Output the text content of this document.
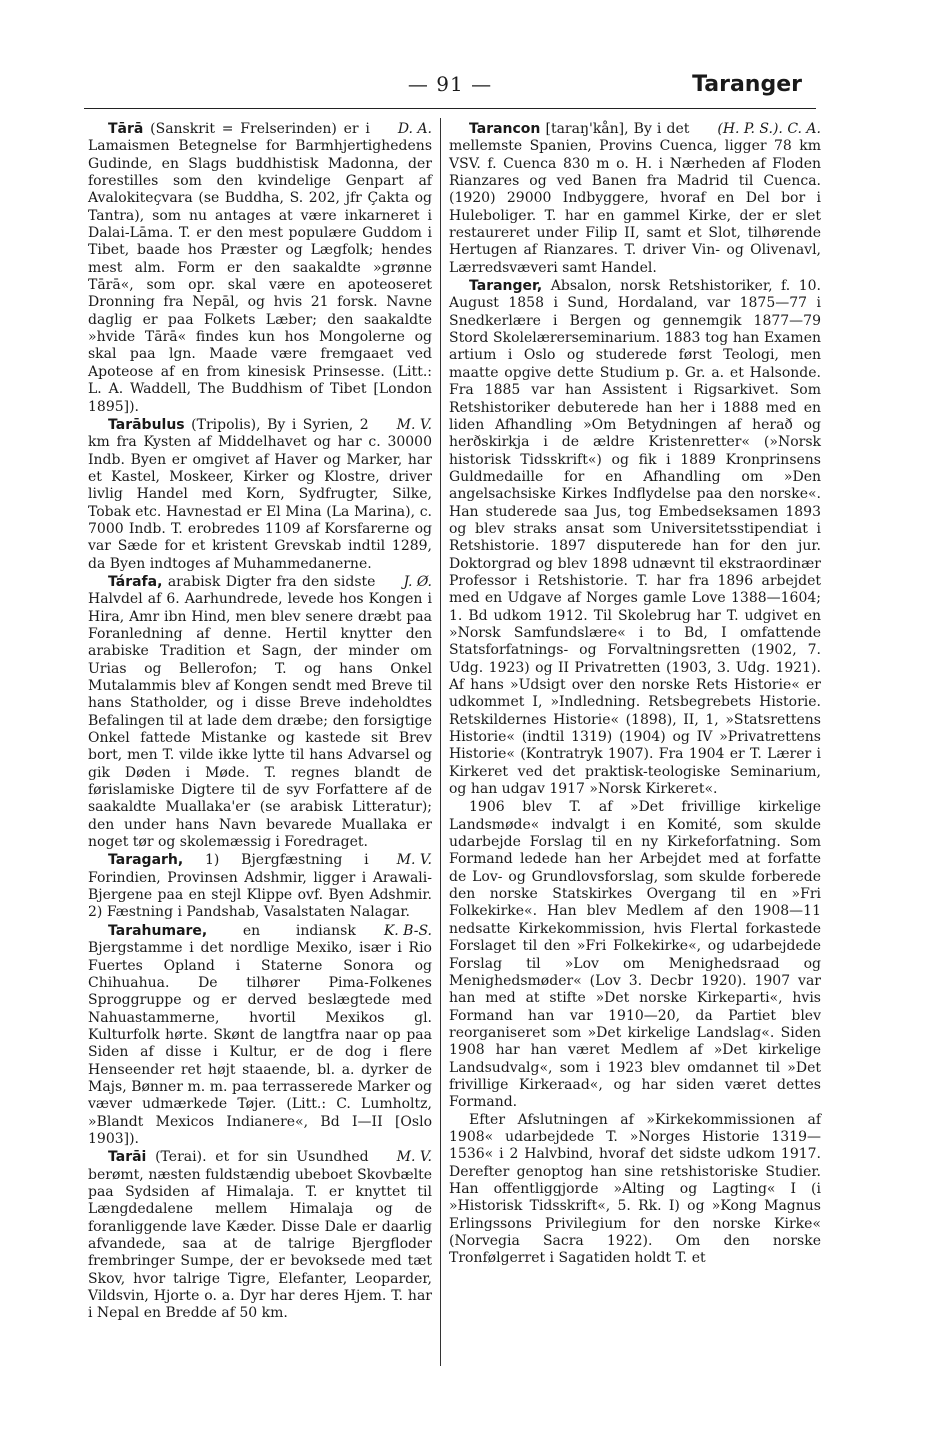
— 91 —	Taranger

D. A.
Tārā (Sanskrit = Frelserinden) er i Lamaismen Betegnelse for Barmhjertighedens Gudinde, en Slags buddhistisk Madonna, der forestilles som den kvindelige Genpart af Avalokiteçvara (se Buddha, S. 202, jfr Çakta og Tantra), som nu antages at være inkarneret i Dalai-Lāma. T. er den mest populære Guddom i Tibet, baade hos Præster og Lægfolk; hendes mest alm. Form er den saakaldte »grønne Tārā«, som opr. skal være en apoteoseret Dronning fra Nepāl, og hvis 21 forsk. Navne daglig er paa Folkets Læber; den saakaldte »hvide Tārā« findes kun hos Mongolerne og skal paa lgn. Maade være fremgaaet ved Apoteose af en from kinesisk Prinsesse. (Litt.: L. A. Waddell, The Buddhism of Tibet [London 1895]).

M. V.
Tarābulus (Tripolis), By i Syrien, 2 km fra Kysten af Middelhavet og har c. 30000 Indb. Byen er omgivet af Haver og Marker, har et Kastel, Moskeer, Kirker og Klostre, driver livlig Handel med Korn, Sydfrugter, Silke, Tobak etc. Havnestad er El Mina (La Marina), c. 7000 Indb. T. erobredes 1109 af Korsfarerne og var Sæde for et kristent Grevskab indtil 1289, da Byen indtoges af Muhammedanerne.

J. Ø.
Tárafa, arabisk Digter fra den sidste Halvdel af 6. Aarhundrede, levede hos Kongen i Hira, Amr ibn Hind, men blev senere dræbt paa Foranledning af denne. Hertil knytter den arabiske Tradition et Sagn, der minder om Urias og Bellerofon; T. og hans Onkel Mutalammis blev af Kongen sendt med Breve til hans Statholder, og i disse Breve indeholdtes Befalingen til at lade dem dræbe; den forsigtige Onkel fattede Mistanke og kastede sit Brev bort, men T. vilde ikke lytte til hans Advarsel og gik Døden i Møde. T. regnes blandt de førislamiske Digtere til de syv Forfattere af de saakaldte Muallaka'er (se arabisk Litteratur); den under hans Navn bevarede Muallaka er noget tør og skolemæssig i Foredraget.

M. V.
Taragarh, 1) Bjergfæstning i Forindien, Provinsen Adshmir, ligger i Arawali-Bjergene paa en stejl Klippe ovf. Byen Adshmir. 2) Fæstning i Pandshab, Vasalstaten Nalagar.

K. B-S.
Tarahumare,	en indiansk Bjergstamme i det nordlige Mexiko, især i Rio Fuertes Opland i Staterne Sonora og Chihuahua. De tilhører Pima-Folkenes Sproggruppe og er derved beslægtede med Nahuastammerne, hvortil Mexikos gl. Kulturfolk hørte. Skønt de langtfra naar op paa Siden af disse i Kultur, er de dog i flere Henseender ret højt staaende, bl. a. dyrker de Majs, Bønner m. m. paa terrasserede Marker og væver udmærkede Tøjer. (Litt.: C. Lumholtz, »Blandt Mexicos Indianere«, Bd I—II [Oslo 1903]).

M. V.
Tarāi (Terai). et for sin Usundhed berømt, næsten fuldstændig ubeboet Skovbælte paa Sydsiden af Himalaja. T. er knyttet til Længdedalene mellem Himalaja og de foranliggende lave Kæder. Disse Dale er daarlig afvandede, saa at de talrige Bjergfloder frembringer Sumpe, der er bevoksede med tæt Skov, hvor talrige Tigre, Elefanter, Leoparder, Vildsvin, Hjorte o. a. Dyr har deres Hjem. T. har i Nepal en Bredde af 50 km.

(H. P. S.). C. A.
Tarancon [taraŋ'kån], By i det mellemste Spanien, Provins Cuenca, ligger 78 km VSV. f. Cuenca 830 m o. H. i Nærheden af Floden Rianzares og ved Banen fra Madrid til Cuenca. (1920) 29000 Indbyggere, hvoraf en Del bor i Huleboliger. T. har en gammel Kirke, der er slet restaureret under Filip II, samt et Slot, tilhørende Hertugen af Rianzares. T. driver Vin- og Olivenavl, Lærredsvæveri samt Handel.

Taranger, Absalon, norsk Retshistoriker, f. 10. August 1858 i Sund, Hordaland, var 1875—77 i Snedkerlære i Bergen og gennemgik 1877—79 Stord Skolelærerseminarium. 1883 tog han Examen artium i Oslo og studerede først Teologi, men maatte opgive dette Studium p. Gr. a. et Halsonde. Fra 1885 var han Assistent i Rigsarkivet. Som Retshistoriker debuterede han her i 1888 med en liden Afhandling »Om Betydningen af herað og herðskirkja i de ældre Kristenretter« (»Norsk historisk Tidsskrift«) og fik i 1889 Kronprinsens Guldmedaille for en Afhandling om »Den angelsachsiske Kirkes Indflydelse paa den norske«. Han studerede saa Jus, tog Embedseksamen 1893 og blev straks ansat som Universitetsstipendiat i Retshistorie. 1897 disputerede han for den jur. Doktorgrad og blev 1898 udnævnt til ekstraordinær Professor i Retshistorie. T. har fra 1896 arbejdet med en Udgave af Norges gamle Love 1388—1604; 1. Bd udkom 1912. Til Skolebrug har T. udgivet en »Norsk Samfundslære« i to Bd, I omfattende Statsforfatnings- og Forvaltningsretten (1902, 7. Udg. 1923) og II Privatretten (1903, 3. Udg. 1921). Af hans »Udsigt over den norske Rets Historie« er udkommet I, »Indledning. Retsbegrebets Historie. Retskildernes Historie« (1898), II, 1, »Statsrettens Historie« (indtil 1319) (1904) og IV »Privatrettens Historie« (Kontratryk 1907). Fra 1904 er T. Lærer i Kirkeret ved det praktisk-teologiske Seminarium, og han udgav 1917 »Norsk Kirkeret«.

1906 blev T. af »Det frivillige kirkelige Landsmøde« indvalgt i en Komité, som skulde udarbejde Forslag til en ny Kirkeforfatning. Som Formand ledede han her Arbejdet med at forfatte de Lov- og Grundlovsforslag, som skulde forberede den norske Statskirkes Overgang til en »Fri Folkekirke«. Han blev Medlem af den 1908—11 nedsatte Kirkekommission, hvis Flertal forkastede Forslaget til den »Fri Folkekirke«, og udarbejdede Forslag til »Lov om Menighedsraad og Menighedsmøder« (Lov 3. Decbr 1920). 1907 var han med at stifte »Det norske Kirkeparti«, hvis Formand han var 1910—20, da Partiet blev reorganiseret som »Det kirkelige Landslag«. Siden 1908 har han været Medlem af »Det kirkelige Landsudvalg«, som i 1923 blev omdannet til »Det frivillige Kirkeraad«, og har siden været dettes Formand.

Efter Afslutningen af »Kirkekommissionen af 1908« udarbejdede T. »Norges Historie 1319—1536« i 2 Halvbind, hvoraf det sidste udkom 1917. Derefter genoptog han sine retshistoriske Studier. Han offentliggjorde »Alting og Lagting« I (i »Historisk Tidsskrift«, 5. Rk. I) og »Kong Magnus Erlingssons Privilegium for den norske Kirke« (Norvegia Sacra 1922). Om den norske Tronfølgerret i Sagatiden holdt T. et
